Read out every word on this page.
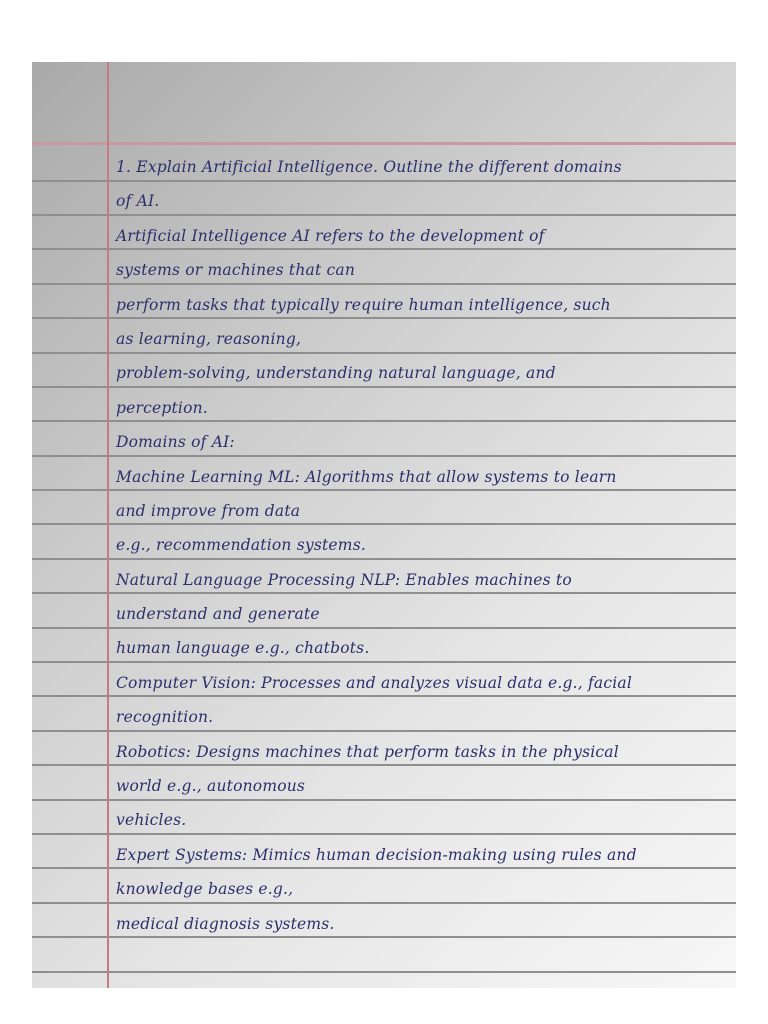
1. Explain Artificial Intelligence. Outline the different domains
of AI.
Artificial Intelligence AI refers to the development of
systems or machines that can
perform tasks that typically require human intelligence, such
as learning, reasoning,
problem-solving, understanding natural language, and
perception.
Domains of AI:
Machine Learning ML: Algorithms that allow systems to learn
and improve from data
e.g., recommendation systems.
Natural Language Processing NLP: Enables machines to
understand and generate
human language e.g., chatbots.
Computer Vision: Processes and analyzes visual data e.g., facial
recognition.
Robotics: Designs machines that perform tasks in the physical
world e.g., autonomous
vehicles.
Expert Systems: Mimics human decision-making using rules and
knowledge bases e.g.,
medical diagnosis systems.
